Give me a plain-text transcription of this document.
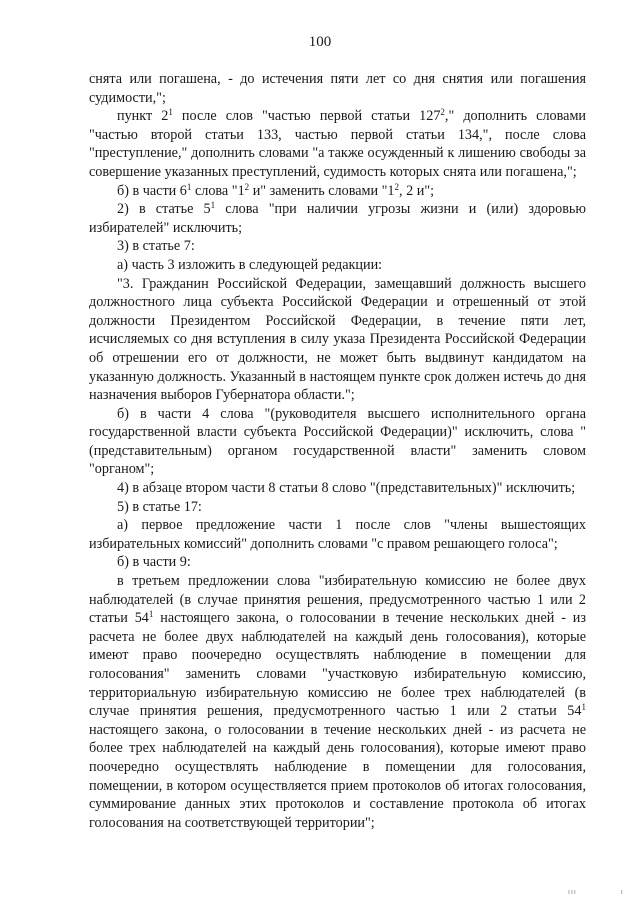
100

снята или погашена, - до истечения пяти лет со дня снятия или погашения судимости,";

пункт $2^1$ после слов "частью первой статьи $127^2$," дополнить словами "частью второй статьи 133, частью первой статьи 134,", после слова "преступление," дополнить словами "а также осужденный к лишению свободы за совершение указанных преступлений, судимость которых снята или погашена,";

б) в части $6^1$ слова "$1^2$ и" заменить словами "$1^2$, 2 и";

2) в статье $5^1$ слова "при наличии угрозы жизни и (или) здоровью избирателей" исключить;

3) в статье 7:

а) часть 3 изложить в следующей редакции:

"3. Гражданин Российской Федерации, замещавший должность высшего должностного лица субъекта Российской Федерации и отрешенный от этой должности Президентом Российской Федерации, в течение пяти лет, исчисляемых со дня вступления в силу указа Президента Российской Федерации об отрешении его от должности, не может быть выдвинут кандидатом на указанную должность. Указанный в настоящем пункте срок должен истечь до дня назначения выборов Губернатора области.";

б) в части 4 слова "(руководителя высшего исполнительного органа государственной власти субъекта Российской Федерации)" исключить, слова "(представительным) органом государственной власти" заменить словом "органом";

4) в абзаце втором части 8 статьи 8 слово "(представительных)" исключить;

5) в статье 17:

а) первое предложение части 1 после слов "члены вышестоящих избирательных комиссий" дополнить словами "с правом решающего голоса";

б) в части 9:

в третьем предложении слова "избирательную комиссию не более двух наблюдателей (в случае принятия решения, предусмотренного частью 1 или 2 статьи $54^1$ настоящего закона, о голосовании в течение нескольких дней - из расчета не более двух наблюдателей на каждый день голосования), которые имеют право поочередно осуществлять наблюдение в помещении для голосования" заменить словами "участковую избирательную комиссию, территориальную избирательную комиссию не более трех наблюдателей (в случае принятия решения, предусмотренного частью 1 или 2 статьи $54^1$ настоящего закона, о голосовании в течение нескольких дней - из расчета не более трех наблюдателей на каждый день голосования), которые имеют право поочередно осуществлять наблюдение в помещении для голосования, помещении, в котором осуществляется прием протоколов об итогах голосования, суммирование данных этих протоколов и составление протокола об итогах голосования на соответствующей территории";

ııı	ı
